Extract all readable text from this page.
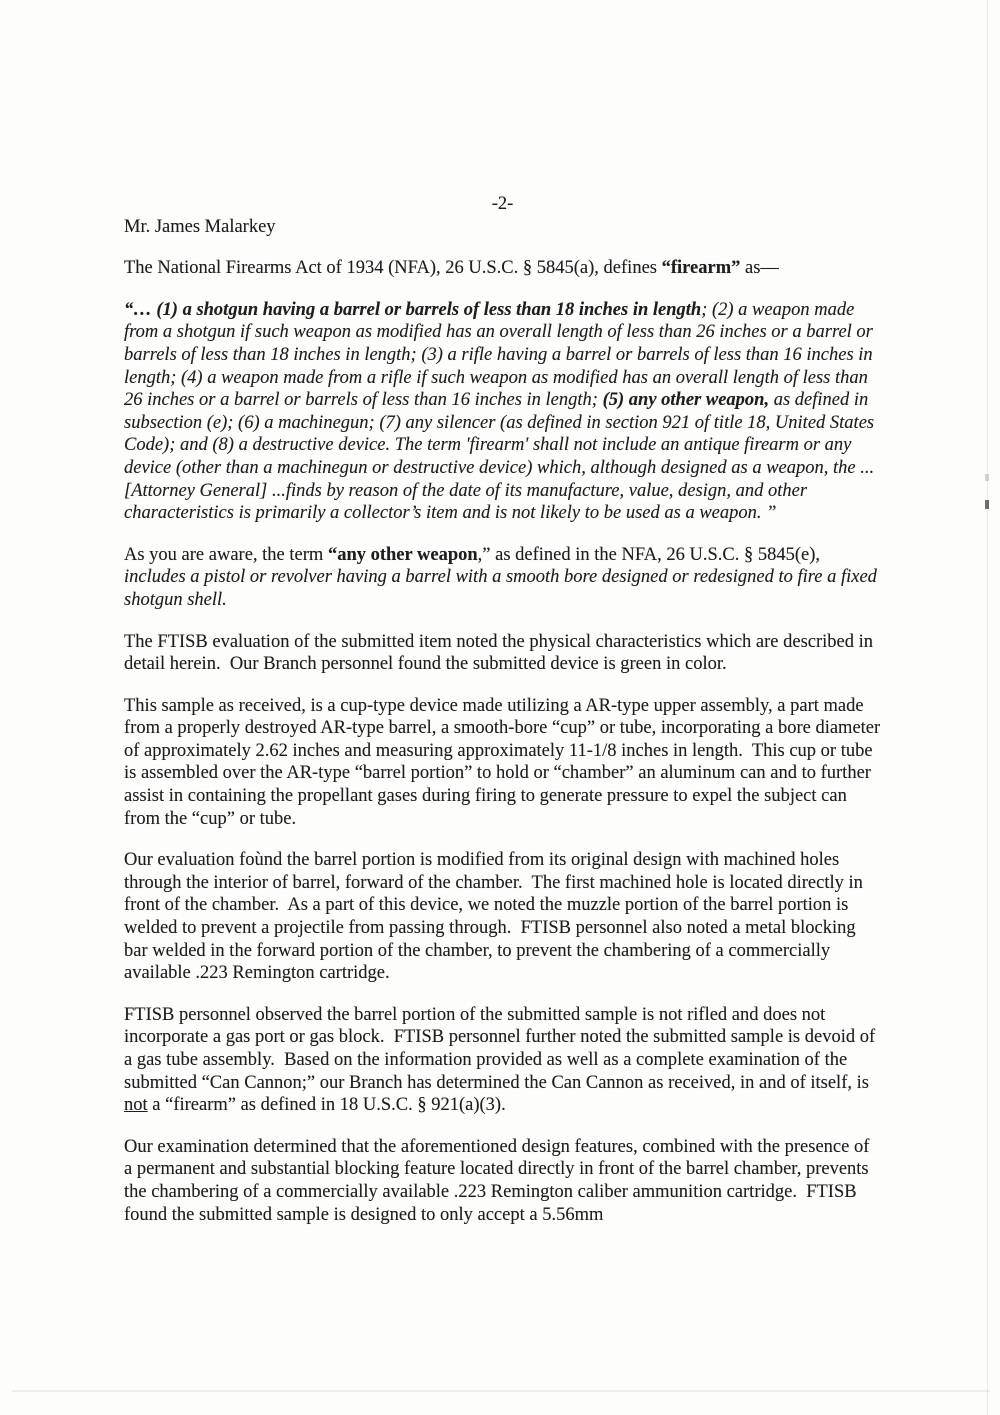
-2-
Mr. James Malarkey

The National Firearms Act of 1934 (NFA), 26 U.S.C. § 5845(a), defines “firearm” as—

“… (1) a shotgun having a barrel or barrels of less than 18 inches in length; (2) a weapon made from a shotgun if such weapon as modified has an overall length of less than 26 inches or a barrel or barrels of less than 18 inches in length; (3) a rifle having a barrel or barrels of less than 16 inches in length; (4) a weapon made from a rifle if such weapon as modified has an overall length of less than 26 inches or a barrel or barrels of less than 16 inches in length; (5) any other weapon, as defined in subsection (e); (6) a machinegun; (7) any silencer (as defined in section 921 of title 18, United States Code); and (8) a destructive device. The term 'firearm' shall not include an antique firearm or any device (other than a machinegun or destructive device) which, although designed as a weapon, the ...[Attorney General] ...finds by reason of the date of its manufacture, value, design, and other characteristics is primarily a collector’s item and is not likely to be used as a weapon. ”

As you are aware, the term “any other weapon,” as defined in the NFA, 26 U.S.C. § 5845(e), includes a pistol or revolver having a barrel with a smooth bore designed or redesigned to fire a fixed shotgun shell.

The FTISB evaluation of the submitted item noted the physical characteristics which are described in detail herein.  Our Branch personnel found the submitted device is green in color.

This sample as received, is a cup-type device made utilizing a AR-type upper assembly, a part made from a properly destroyed AR-type barrel, a smooth-bore “cup” or tube, incorporating a bore diameter of approximately 2.62 inches and measuring approximately 11-1/8 inches in length.  This cup or tube is assembled over the AR-type “barrel portion” to hold or “chamber” an aluminum can and to further assist in containing the propellant gases during firing to generate pressure to expel the subject can from the “cup” or tube.

Our evaluation foùnd the barrel portion is modified from its original design with machined holes through the interior of barrel, forward of the chamber.  The first machined hole is located directly in front of the chamber.  As a part of this device, we noted the muzzle portion of the barrel portion is welded to prevent a projectile from passing through.  FTISB personnel also noted a metal blocking bar welded in the forward portion of the chamber, to prevent the chambering of a commercially available .223 Remington cartridge.

FTISB personnel observed the barrel portion of the submitted sample is not rifled and does not incorporate a gas port or gas block.  FTISB personnel further noted the submitted sample is devoid of a gas tube assembly.  Based on the information provided as well as a complete examination of the submitted “Can Cannon;” our Branch has determined the Can Cannon as received, in and of itself, is not a “firearm” as defined in 18 U.S.C. § 921(a)(3).

Our examination determined that the aforementioned design features, combined with the presence of a permanent and substantial blocking feature located directly in front of the barrel chamber, prevents the chambering of a commercially available .223 Remington caliber ammunition cartridge.  FTISB found the submitted sample is designed to only accept a 5.56mm
